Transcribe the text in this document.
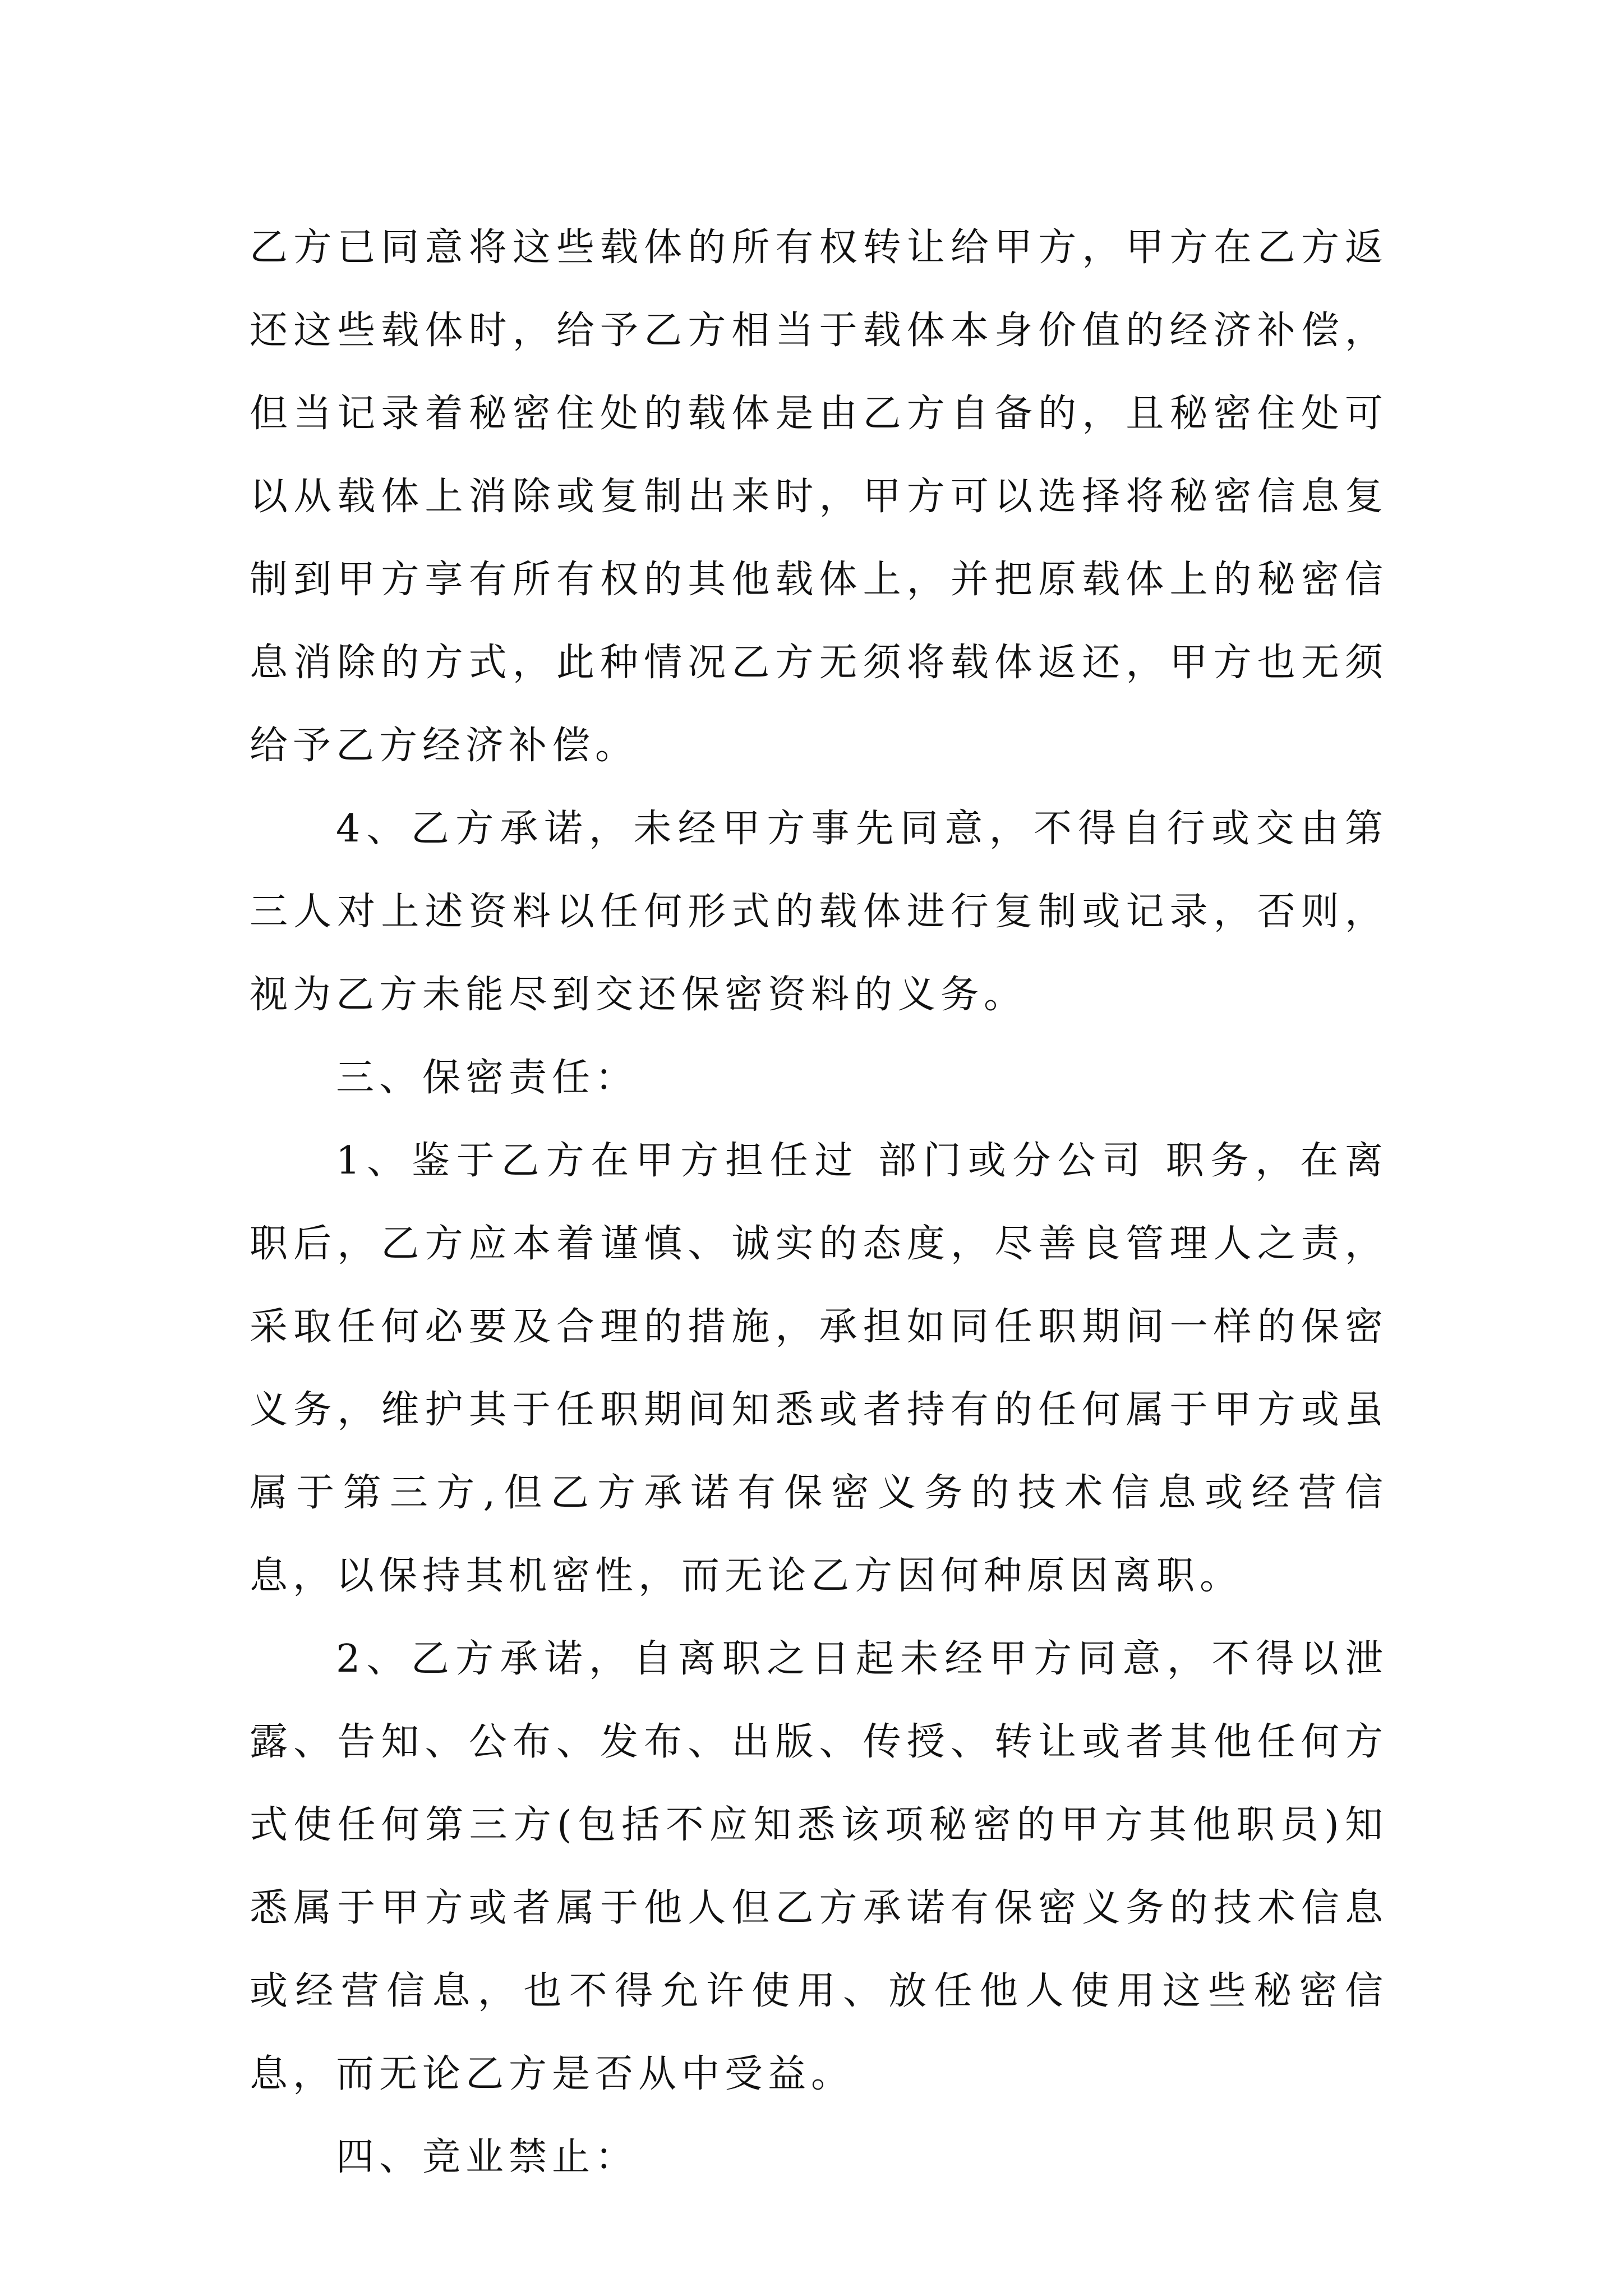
乙方已同意将这些载体的所有权转让给甲方，甲方在乙方返还这些载体时，给予乙方相当于载体本身价值的经济补偿，但当记录着秘密住处的载体是由乙方自备的，且秘密住处可以从载体上消除或复制出来时，甲方可以选择将秘密信息复制到甲方享有所有权的其他载体上，并把原载体上的秘密信息消除的方式，此种情况乙方无须将载体返还，甲方也无须给予乙方经济补偿。

4、乙方承诺，未经甲方事先同意，不得自行或交由第三人对上述资料以任何形式的载体进行复制或记录，否则，视为乙方未能尽到交还保密资料的义务。

三、保密责任：

1、鉴于乙方在甲方担任过 部门或分公司 职务，在离职后，乙方应本着谨慎、诚实的态度，尽善良管理人之责，采取任何必要及合理的措施，承担如同任职期间一样的保密义务，维护其于任职期间知悉或者持有的任何属于甲方或虽属于第三方,但乙方承诺有保密义务的技术信息或经营信息，以保持其机密性，而无论乙方因何种原因离职。

2、乙方承诺，自离职之日起未经甲方同意，不得以泄露、告知、公布、发布、出版、传授、转让或者其他任何方式使任何第三方(包括不应知悉该项秘密的甲方其他职员)知悉属于甲方或者属于他人但乙方承诺有保密义务的技术信息或经营信息，也不得允许使用、放任他人使用这些秘密信息，而无论乙方是否从中受益。

四、竞业禁止：
